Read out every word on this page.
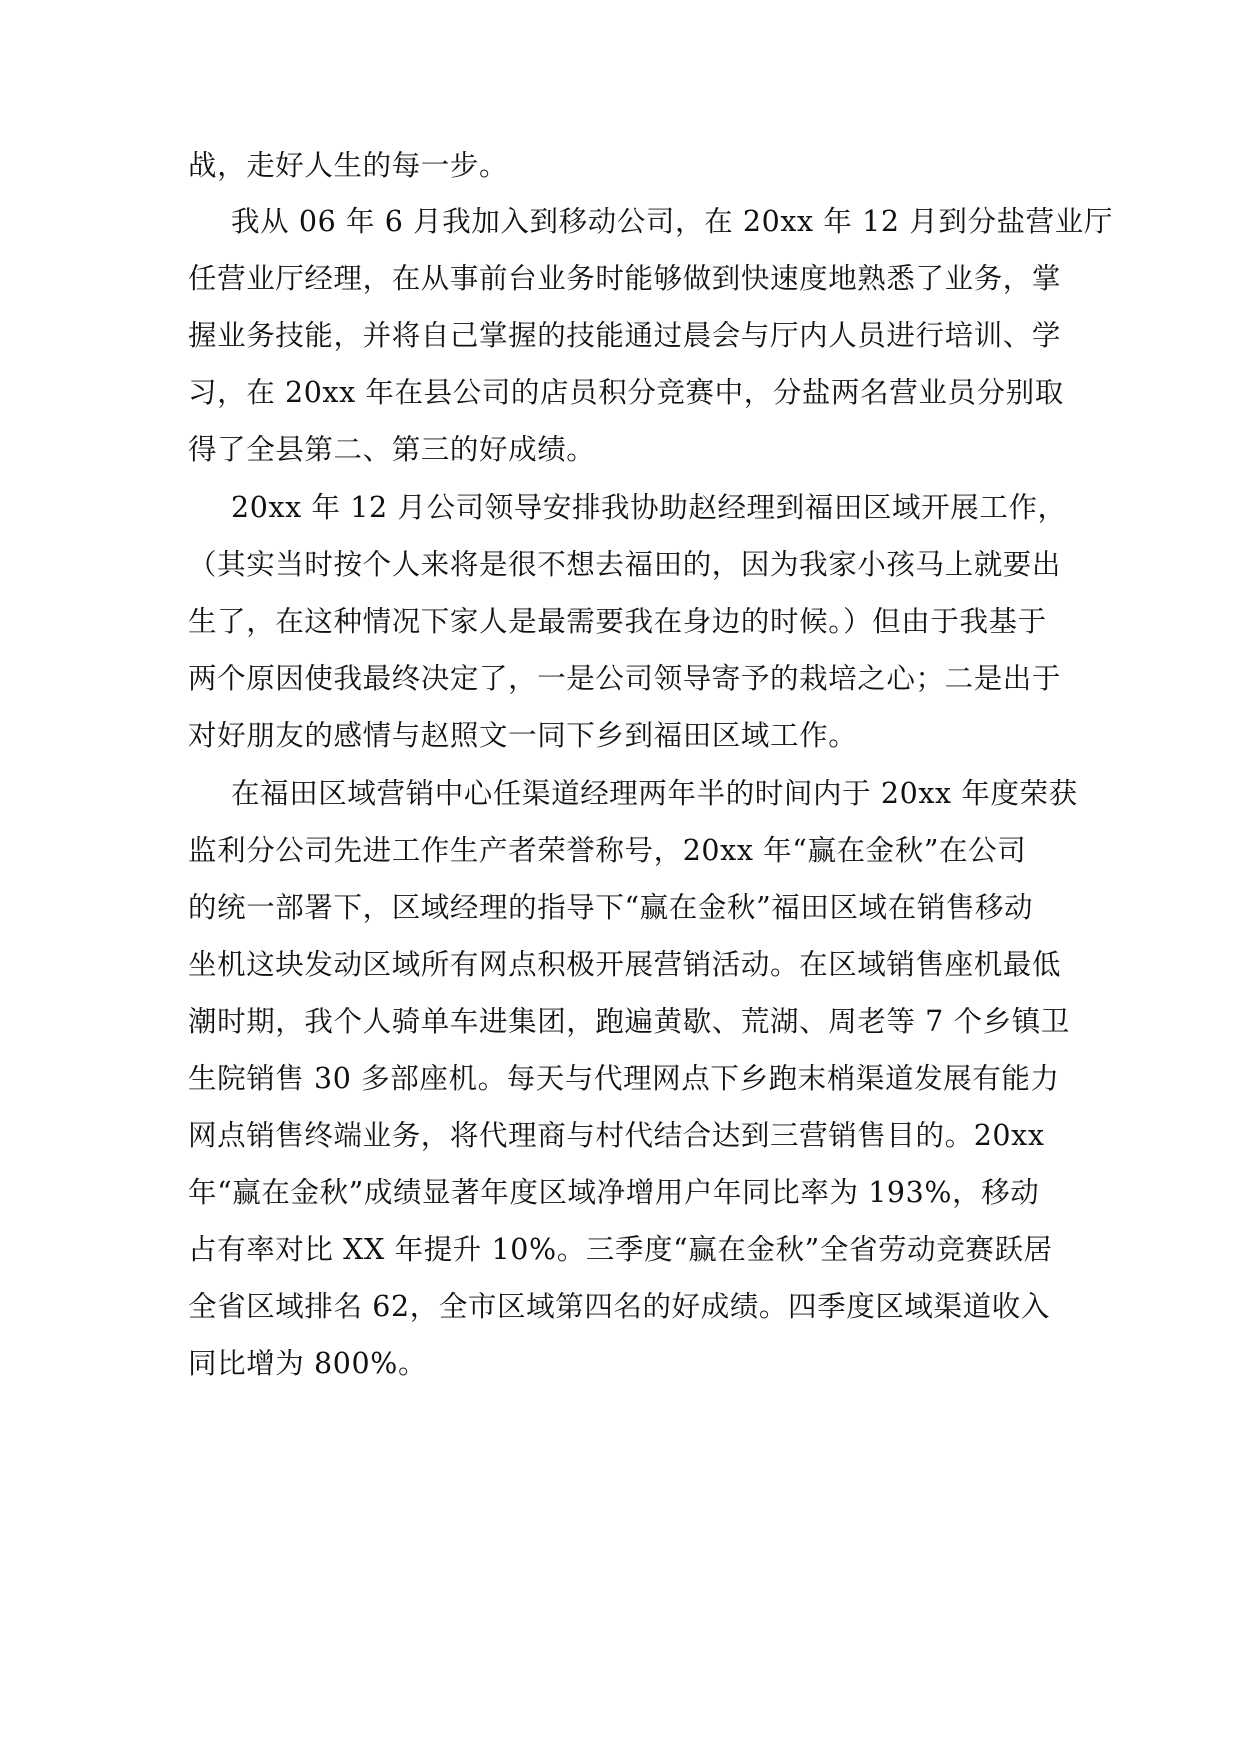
战，走好人生的每一步。
我从 06 年 6 月我加入到移动公司，在 20xx 年 12 月到分盐营业厅
任营业厅经理，在从事前台业务时能够做到快速度地熟悉了业务，掌
握业务技能，并将自己掌握的技能通过晨会与厅内人员进行培训、学
习，在 20xx 年在县公司的店员积分竞赛中，分盐两名营业员分别取
得了全县第二、第三的好成绩。
20xx 年 12 月公司领导安排我协助赵经理到福田区域开展工作，
（其实当时按个人来将是很不想去福田的，因为我家小孩马上就要出
生了，在这种情况下家人是最需要我在身边的时候。）但由于我基于
两个原因使我最终决定了，一是公司领导寄予的栽培之心；二是出于
对好朋友的感情与赵照文一同下乡到福田区域工作。
在福田区域营销中心任渠道经理两年半的时间内于 20xx 年度荣获
监利分公司先进工作生产者荣誉称号，20xx 年“赢在金秋”在公司
的统一部署下，区域经理的指导下“赢在金秋”福田区域在销售移动
坐机这块发动区域所有网点积极开展营销活动。在区域销售座机最低
潮时期，我个人骑单车进集团，跑遍黄歇、荒湖、周老等 7 个乡镇卫
生院销售 30 多部座机。每天与代理网点下乡跑末梢渠道发展有能力
网点销售终端业务，将代理商与村代结合达到三营销售目的。20xx
年“赢在金秋”成绩显著年度区域净增用户年同比率为 193%，移动
占有率对比 XX 年提升 10%。三季度“赢在金秋”全省劳动竞赛跃居
全省区域排名 62，全市区域第四名的好成绩。四季度区域渠道收入
同比增为 800%。
